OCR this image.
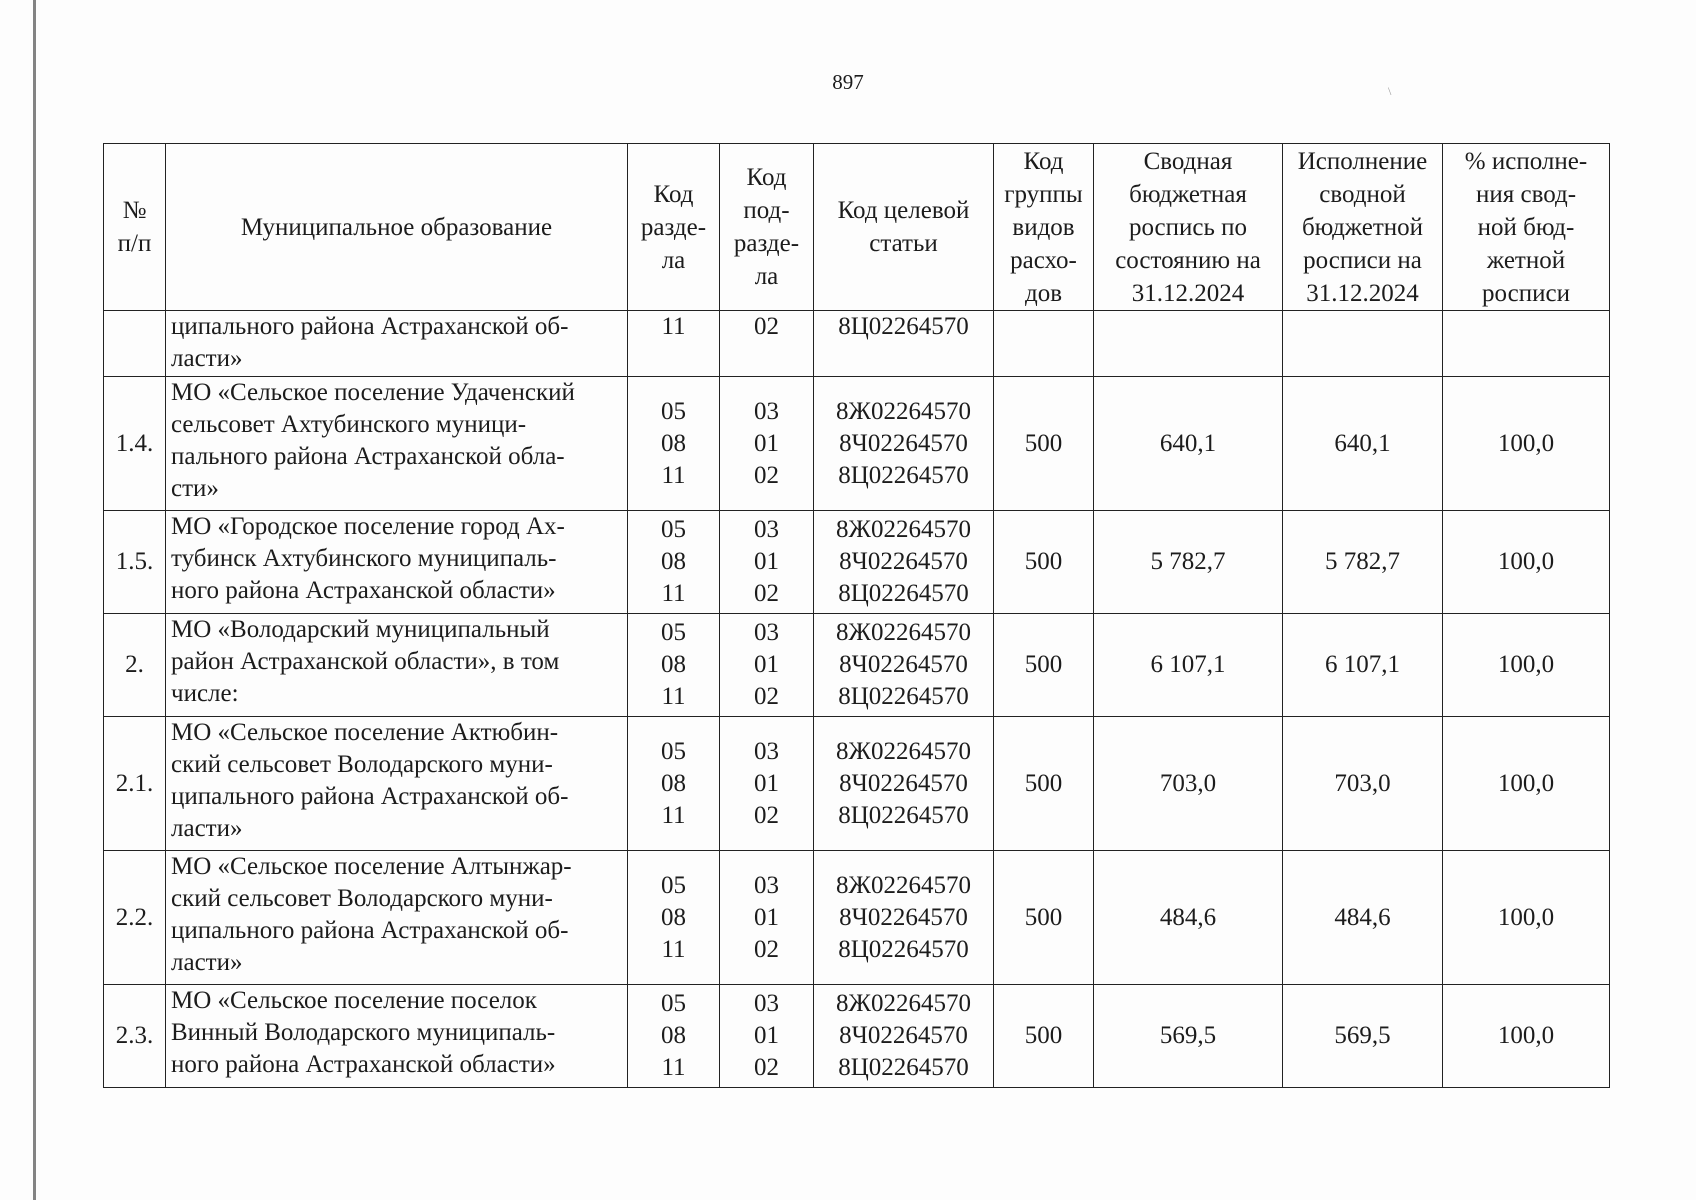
\
897
№
п/п	Муниципальное образование	Код
разде-
ла	Код
под-
разде-
ла	Код целевой
статьи	Код
группы
видов
расхо-
дов	Сводная
бюджетная
роспись по
состоянию на
31.12.2024	Исполнение
сводной
бюджетной
росписи на
31.12.2024	% исполне-
ния свод-
ной бюд-
жетной
росписи
	ципального района Астраханской об-
ласти»	11	02	8Ц02264570				
1.4.	МО «Сельское поселение Удаченский
сельсовет Ахтубинского муници-
пального района Астраханской обла-
сти»	05
08
11	03
01
02	8Ж02264570
8Ч02264570
8Ц02264570	500	640,1	640,1	100,0
1.5.	МО «Городское поселение город Ах-
тубинск Ахтубинского муниципаль-
ного района Астраханской области»	05
08
11	03
01
02	8Ж02264570
8Ч02264570
8Ц02264570	500	5 782,7	5 782,7	100,0
2.	МО «Володарский муниципальный
район Астраханской области», в том
числе:	05
08
11	03
01
02	8Ж02264570
8Ч02264570
8Ц02264570	500	6 107,1	6 107,1	100,0
2.1.	МО «Сельское поселение Актюбин-
ский сельсовет Володарского муни-
ципального района Астраханской об-
ласти»	05
08
11	03
01
02	8Ж02264570
8Ч02264570
8Ц02264570	500	703,0	703,0	100,0
2.2.	МО «Сельское поселение Алтынжар-
ский сельсовет Володарского муни-
ципального района Астраханской об-
ласти»	05
08
11	03
01
02	8Ж02264570
8Ч02264570
8Ц02264570	500	484,6	484,6	100,0
2.3.	МО «Сельское поселение поселок
Винный Володарского муниципаль-
ного района Астраханской области»	05
08
11	03
01
02	8Ж02264570
8Ч02264570
8Ц02264570	500	569,5	569,5	100,0
